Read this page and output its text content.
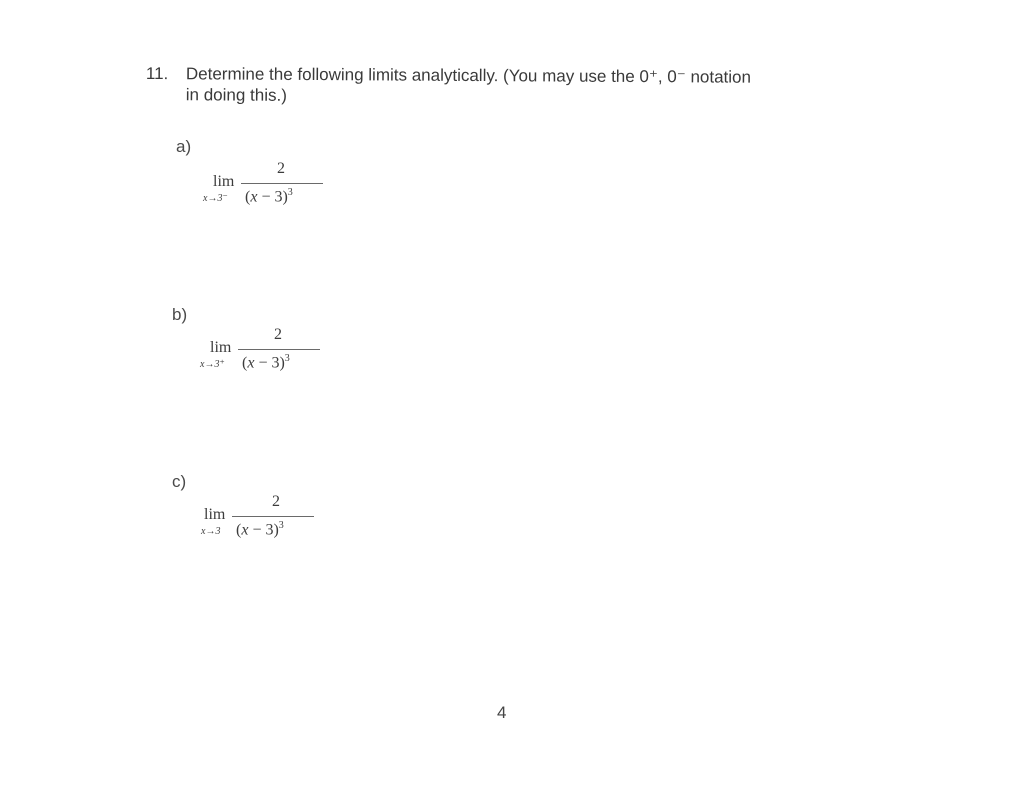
11. Determine the following limits analytically. (You may use the 0⁺, 0⁻ notation
in doing this.)
a)
lim
x→3⁻
2
$(x - 3)^3$
b)
lim
x→3⁺
2
$(x - 3)^3$
c)
lim
x→3
2
$(x - 3)^3$
4
